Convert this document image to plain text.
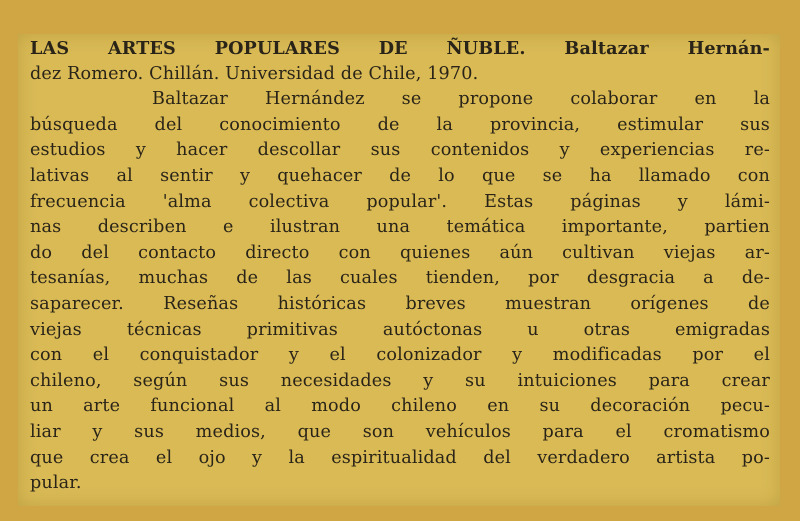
LAS ARTES POPULARES DE ÑUBLE. Baltazar Hernán-
dez Romero. Chillán. Universidad de Chile, 1970.
Baltazar Hernández se propone colaborar en la
búsqueda del conocimiento de la provincia, estimular sus
estudios y hacer descollar sus contenidos y experiencias re-
lativas al sentir y quehacer de lo que se ha llamado con
frecuencia 'alma colectiva popular'. Estas páginas y lámi-
nas describen e ilustran una temática importante, partien
do del contacto directo con quienes aún cultivan viejas ar-
tesanías, muchas de las cuales tienden, por desgracia a de-
saparecer. Reseñas históricas breves muestran orígenes de
viejas técnicas primitivas autóctonas u otras emigradas
con el conquistador y el colonizador y modificadas por el
chileno, según sus necesidades y su intuiciones para crear
un arte funcional al modo chileno en su decoración pecu-
liar y sus medios, que son vehículos para el cromatismo
que crea el ojo y la espiritualidad del verdadero artista po-
pular.
